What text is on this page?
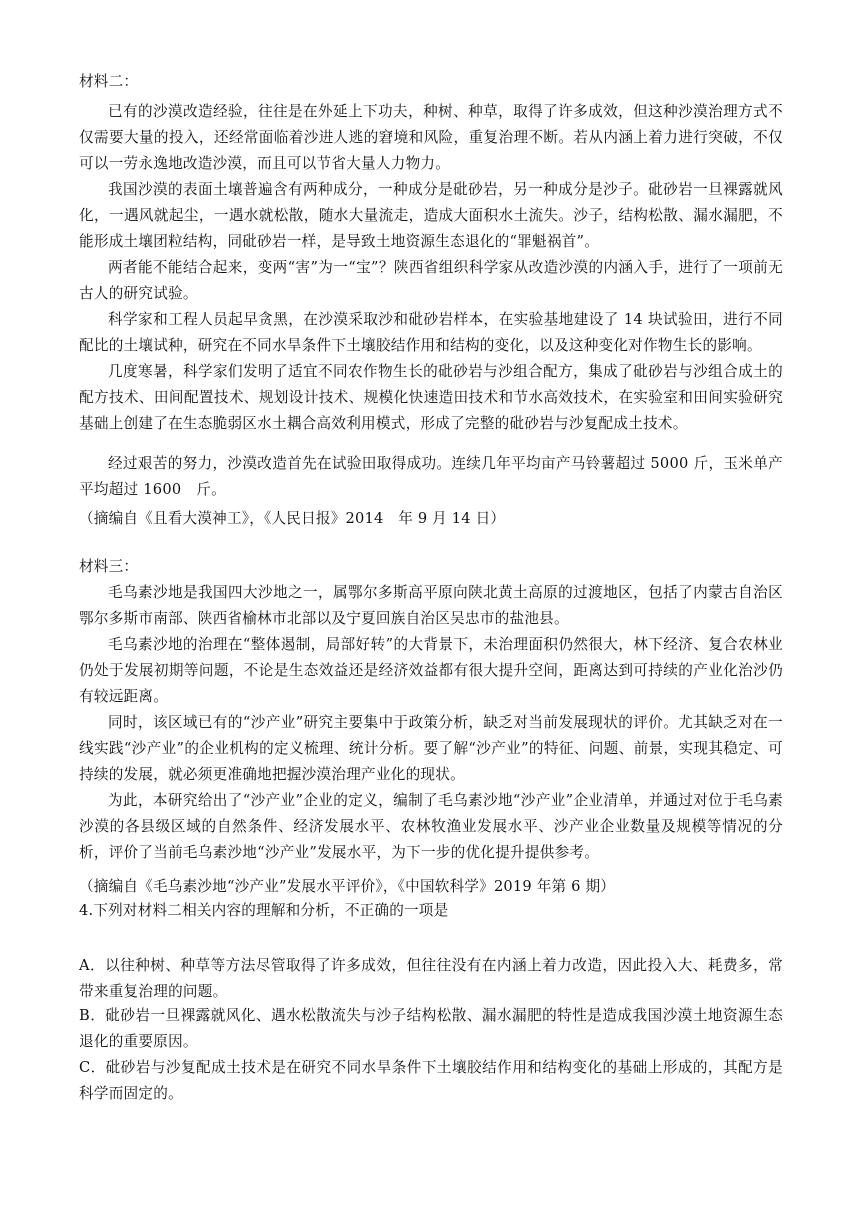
材料二：

已有的沙漠改造经验，往往是在外延上下功夫，种树、种草，取得了许多成效，但这种沙漠治理方式不仅需要大量的投入，还经常面临着沙进人逃的窘境和风险，重复治理不断。若从内涵上着力进行突破，不仅可以一劳永逸地改造沙漠，而且可以节省大量人力物力。

我国沙漠的表面土壤普遍含有两种成分，一种成分是砒砂岩，另一种成分是沙子。砒砂岩一旦裸露就风化，一遇风就起尘，一遇水就松散，随水大量流走，造成大面积水土流失。沙子，结构松散、漏水漏肥，不能形成土壤团粒结构，同砒砂岩一样，是导致土地资源生态退化的“罪魁祸首”。

两者能不能结合起来，变两“害”为一“宝”？陕西省组织科学家从改造沙漠的内涵入手，进行了一项前无古人的研究试验。

科学家和工程人员起早贪黑，在沙漠采取沙和砒砂岩样本，在实验基地建设了 14 块试验田，进行不同配比的土壤试种，研究在不同水旱条件下土壤胶结作用和结构的变化，以及这种变化对作物生长的影响。

几度寒暑，科学家们发明了适宜不同农作物生长的砒砂岩与沙组合配方，集成了砒砂岩与沙组合成土的配方技术、田间配置技术、规划设计技术、规模化快速造田技术和节水高效技术，在实验室和田间实验研究基础上创建了在生态脆弱区水土耦合高效利用模式，形成了完整的砒砂岩与沙复配成土技术。

经过艰苦的努力，沙漠改造首先在试验田取得成功。连续几年平均亩产马铃薯超过 5000 斤，玉米单产平均超过 1600　斤。

（摘编自《且看大漠神工》，《人民日报》2014　年 9 月 14 日）
材料三：

毛乌素沙地是我国四大沙地之一，属鄂尔多斯高平原向陕北黄土高原的过渡地区，包括了内蒙古自治区鄂尔多斯市南部、陕西省榆林市北部以及宁夏回族自治区吴忠市的盐池县。

毛乌素沙地的治理在“整体遏制，局部好转”的大背景下，未治理面积仍然很大，林下经济、复合农林业仍处于发展初期等问题，不论是生态效益还是经济效益都有很大提升空间，距离达到可持续的产业化治沙仍有较远距离。

同时，该区域已有的“沙产业”研究主要集中于政策分析，缺乏对当前发展现状的评价。尤其缺乏对在一线实践“沙产业”的企业机构的定义梳理、统计分析。要了解“沙产业”的特征、问题、前景，实现其稳定、可持续的发展，就必须更准确地把握沙漠治理产业化的现状。

为此，本研究给出了“沙产业”企业的定义，编制了毛乌素沙地“沙产业”企业清单，并通过对位于毛乌素沙漠的各县级区域的自然条件、经济发展水平、农林牧渔业发展水平、沙产业企业数量及规模等情况的分析，评价了当前毛乌素沙地“沙产业”发展水平，为下一步的优化提升提供参考。

（摘编自《毛乌素沙地“沙产业”发展水平评价》，《中国软科学》2019 年第 6 期）
4.下列对材料二相关内容的理解和分析，不正确的一项是

A．以往种树、种草等方法尽管取得了许多成效，但往往没有在内涵上着力改造，因此投入大、耗费多，常带来重复治理的问题。

B．砒砂岩一旦裸露就风化、遇水松散流失与沙子结构松散、漏水漏肥的特性是造成我国沙漠土地资源生态退化的重要原因。

C．砒砂岩与沙复配成土技术是在研究不同水旱条件下土壤胶结作用和结构变化的基础上形成的，其配方是科学而固定的。
